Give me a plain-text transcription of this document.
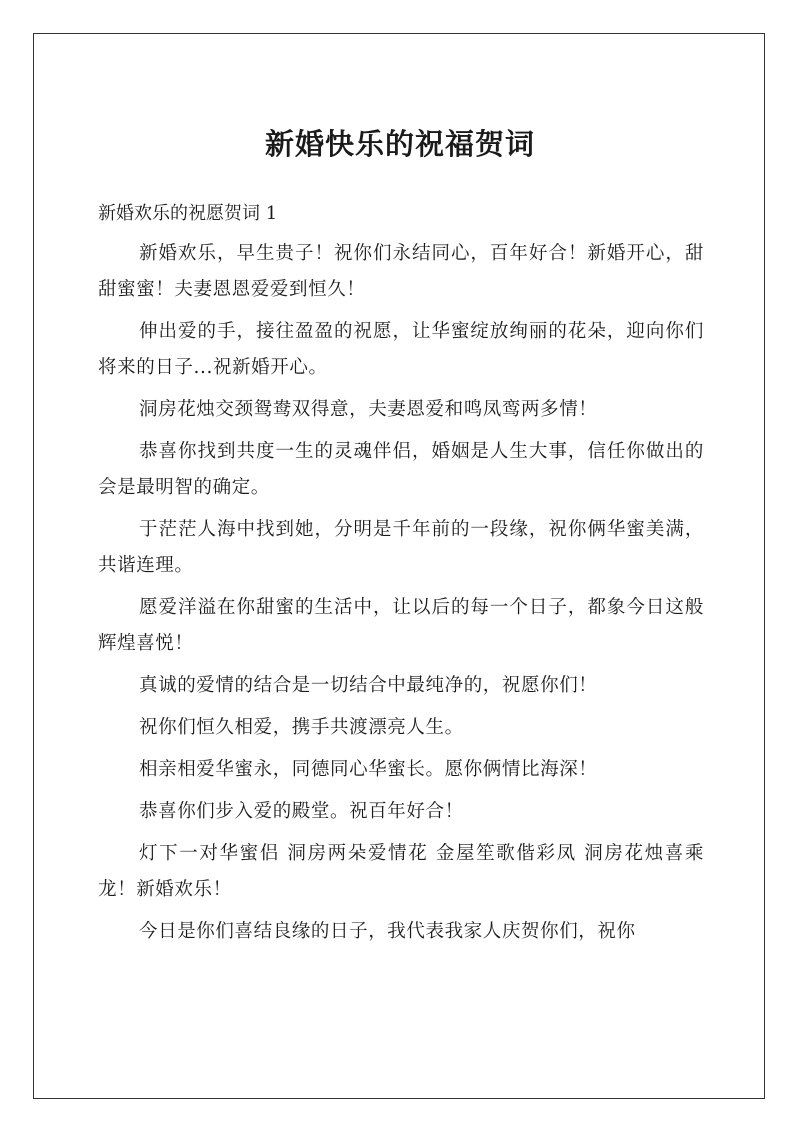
新婚快乐的祝福贺词

新婚欢乐的祝愿贺词 1

新婚欢乐，早生贵子！祝你们永结同心，百年好合！新婚开心，甜甜蜜蜜！夫妻恩恩爱爱到恒久！

伸出爱的手，接往盈盈的祝愿，让华蜜绽放绚丽的花朵，迎向你们将来的日子...祝新婚开心。

洞房花烛交颈鸳鸯双得意，夫妻恩爱和鸣凤鸾两多情！

恭喜你找到共度一生的灵魂伴侣，婚姻是人生大事，信任你做出的会是最明智的确定。

于茫茫人海中找到她，分明是千年前的一段缘，祝你俩华蜜美满，共谐连理。

愿爱洋溢在你甜蜜的生活中，让以后的每一个日子，都象今日这般辉煌喜悦！

真诚的爱情的结合是一切结合中最纯净的，祝愿你们！

祝你们恒久相爱，携手共渡漂亮人生。

相亲相爱华蜜永，同德同心华蜜长。愿你俩情比海深！

恭喜你们步入爱的殿堂。祝百年好合！

灯下一对华蜜侣 洞房两朵爱情花 金屋笙歌偕彩凤 洞房花烛喜乘龙！新婚欢乐！

今日是你们喜结良缘的日子，我代表我家人庆贺你们，祝你
